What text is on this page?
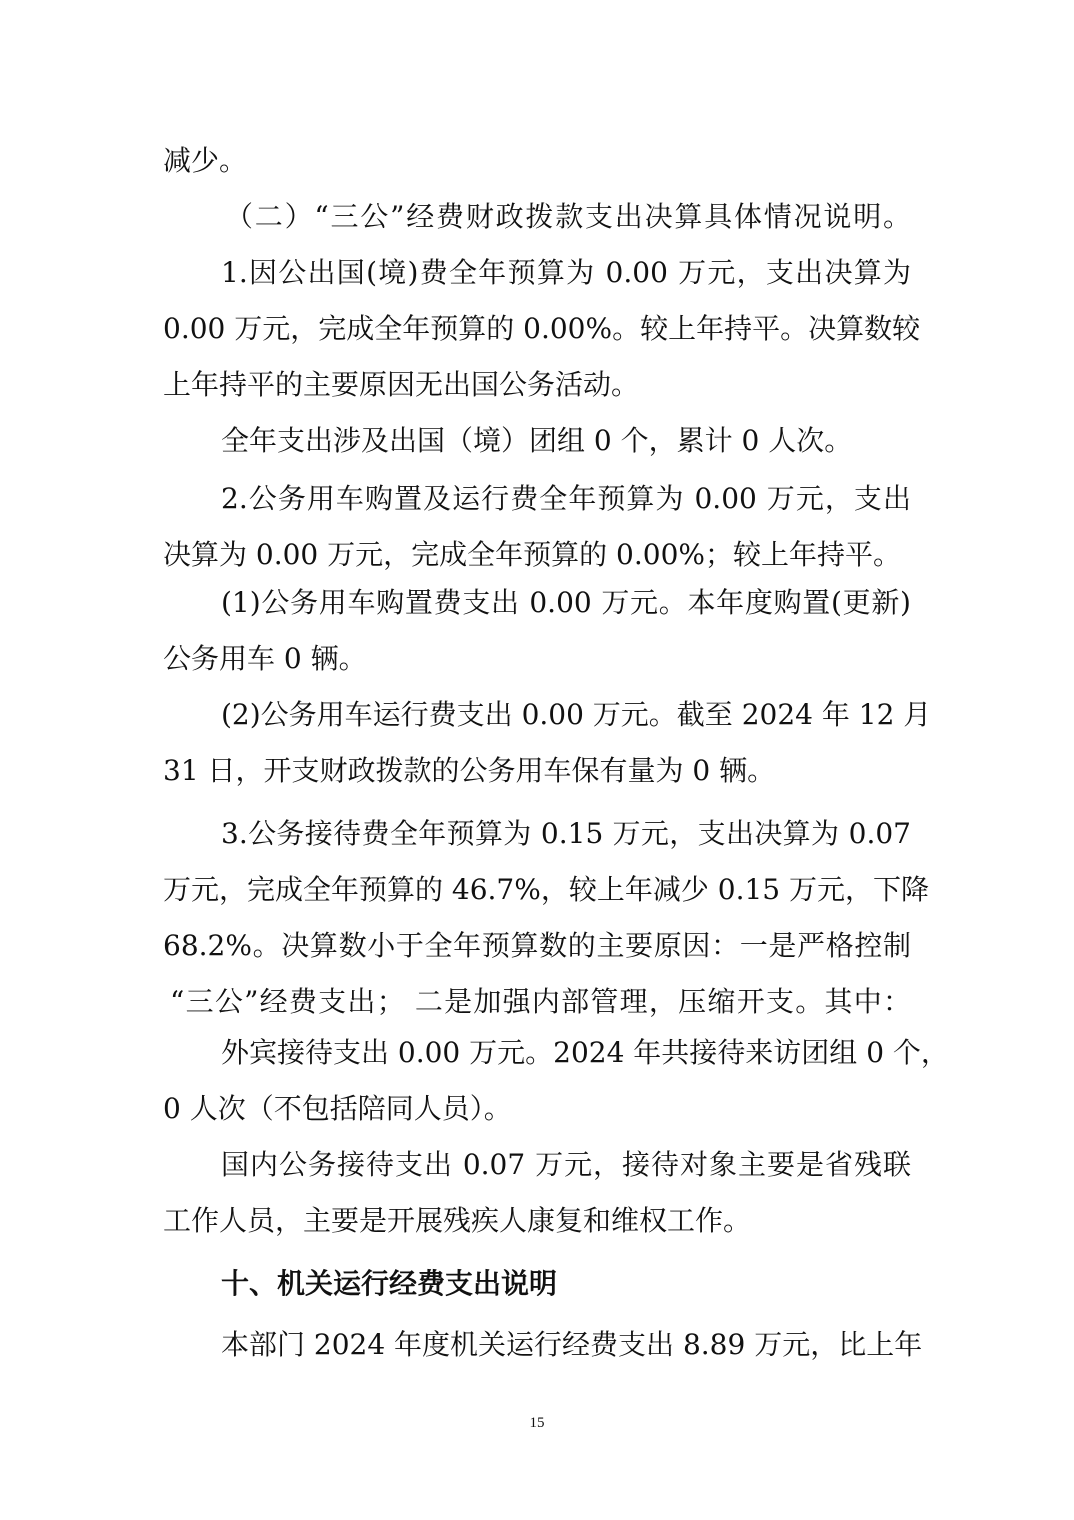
减少。
（二）“三公”经费财政拨款支出决算具体情况说明。
1.因公出国(境)费全年预算为 0.00 万元，支出决算为
0.00 万元，完成全年预算的 0.00%。较上年持平。决算数较
上年持平的主要原因无出国公务活动。
全年支出涉及出国（境）团组 0 个，累计 0 人次。
2.公务用车购置及运行费全年预算为 0.00 万元，支出
决算为 0.00 万元，完成全年预算的 0.00%；较上年持平。
(1)公务用车购置费支出 0.00 万元。本年度购置(更新)
公务用车 0 辆。
(2)公务用车运行费支出 0.00 万元。截至 2024 年 12 月
31 日，开支财政拨款的公务用车保有量为 0 辆。
3.公务接待费全年预算为 0.15 万元，支出决算为 0.07
万元，完成全年预算的 46.7%，较上年减少 0.15 万元，下降
68.2%。决算数小于全年预算数的主要原因：一是严格控制
“三公”经费支出； 二是加强内部管理，压缩开支。其中：
外宾接待支出 0.00 万元。2024 年共接待来访团组 0 个，
0 人次（不包括陪同人员）。
国内公务接待支出 0.07 万元，接待对象主要是省残联
工作人员，主要是开展残疾人康复和维权工作。
十、机关运行经费支出说明
本部门 2024 年度机关运行经费支出 8.89 万元，比上年
15
